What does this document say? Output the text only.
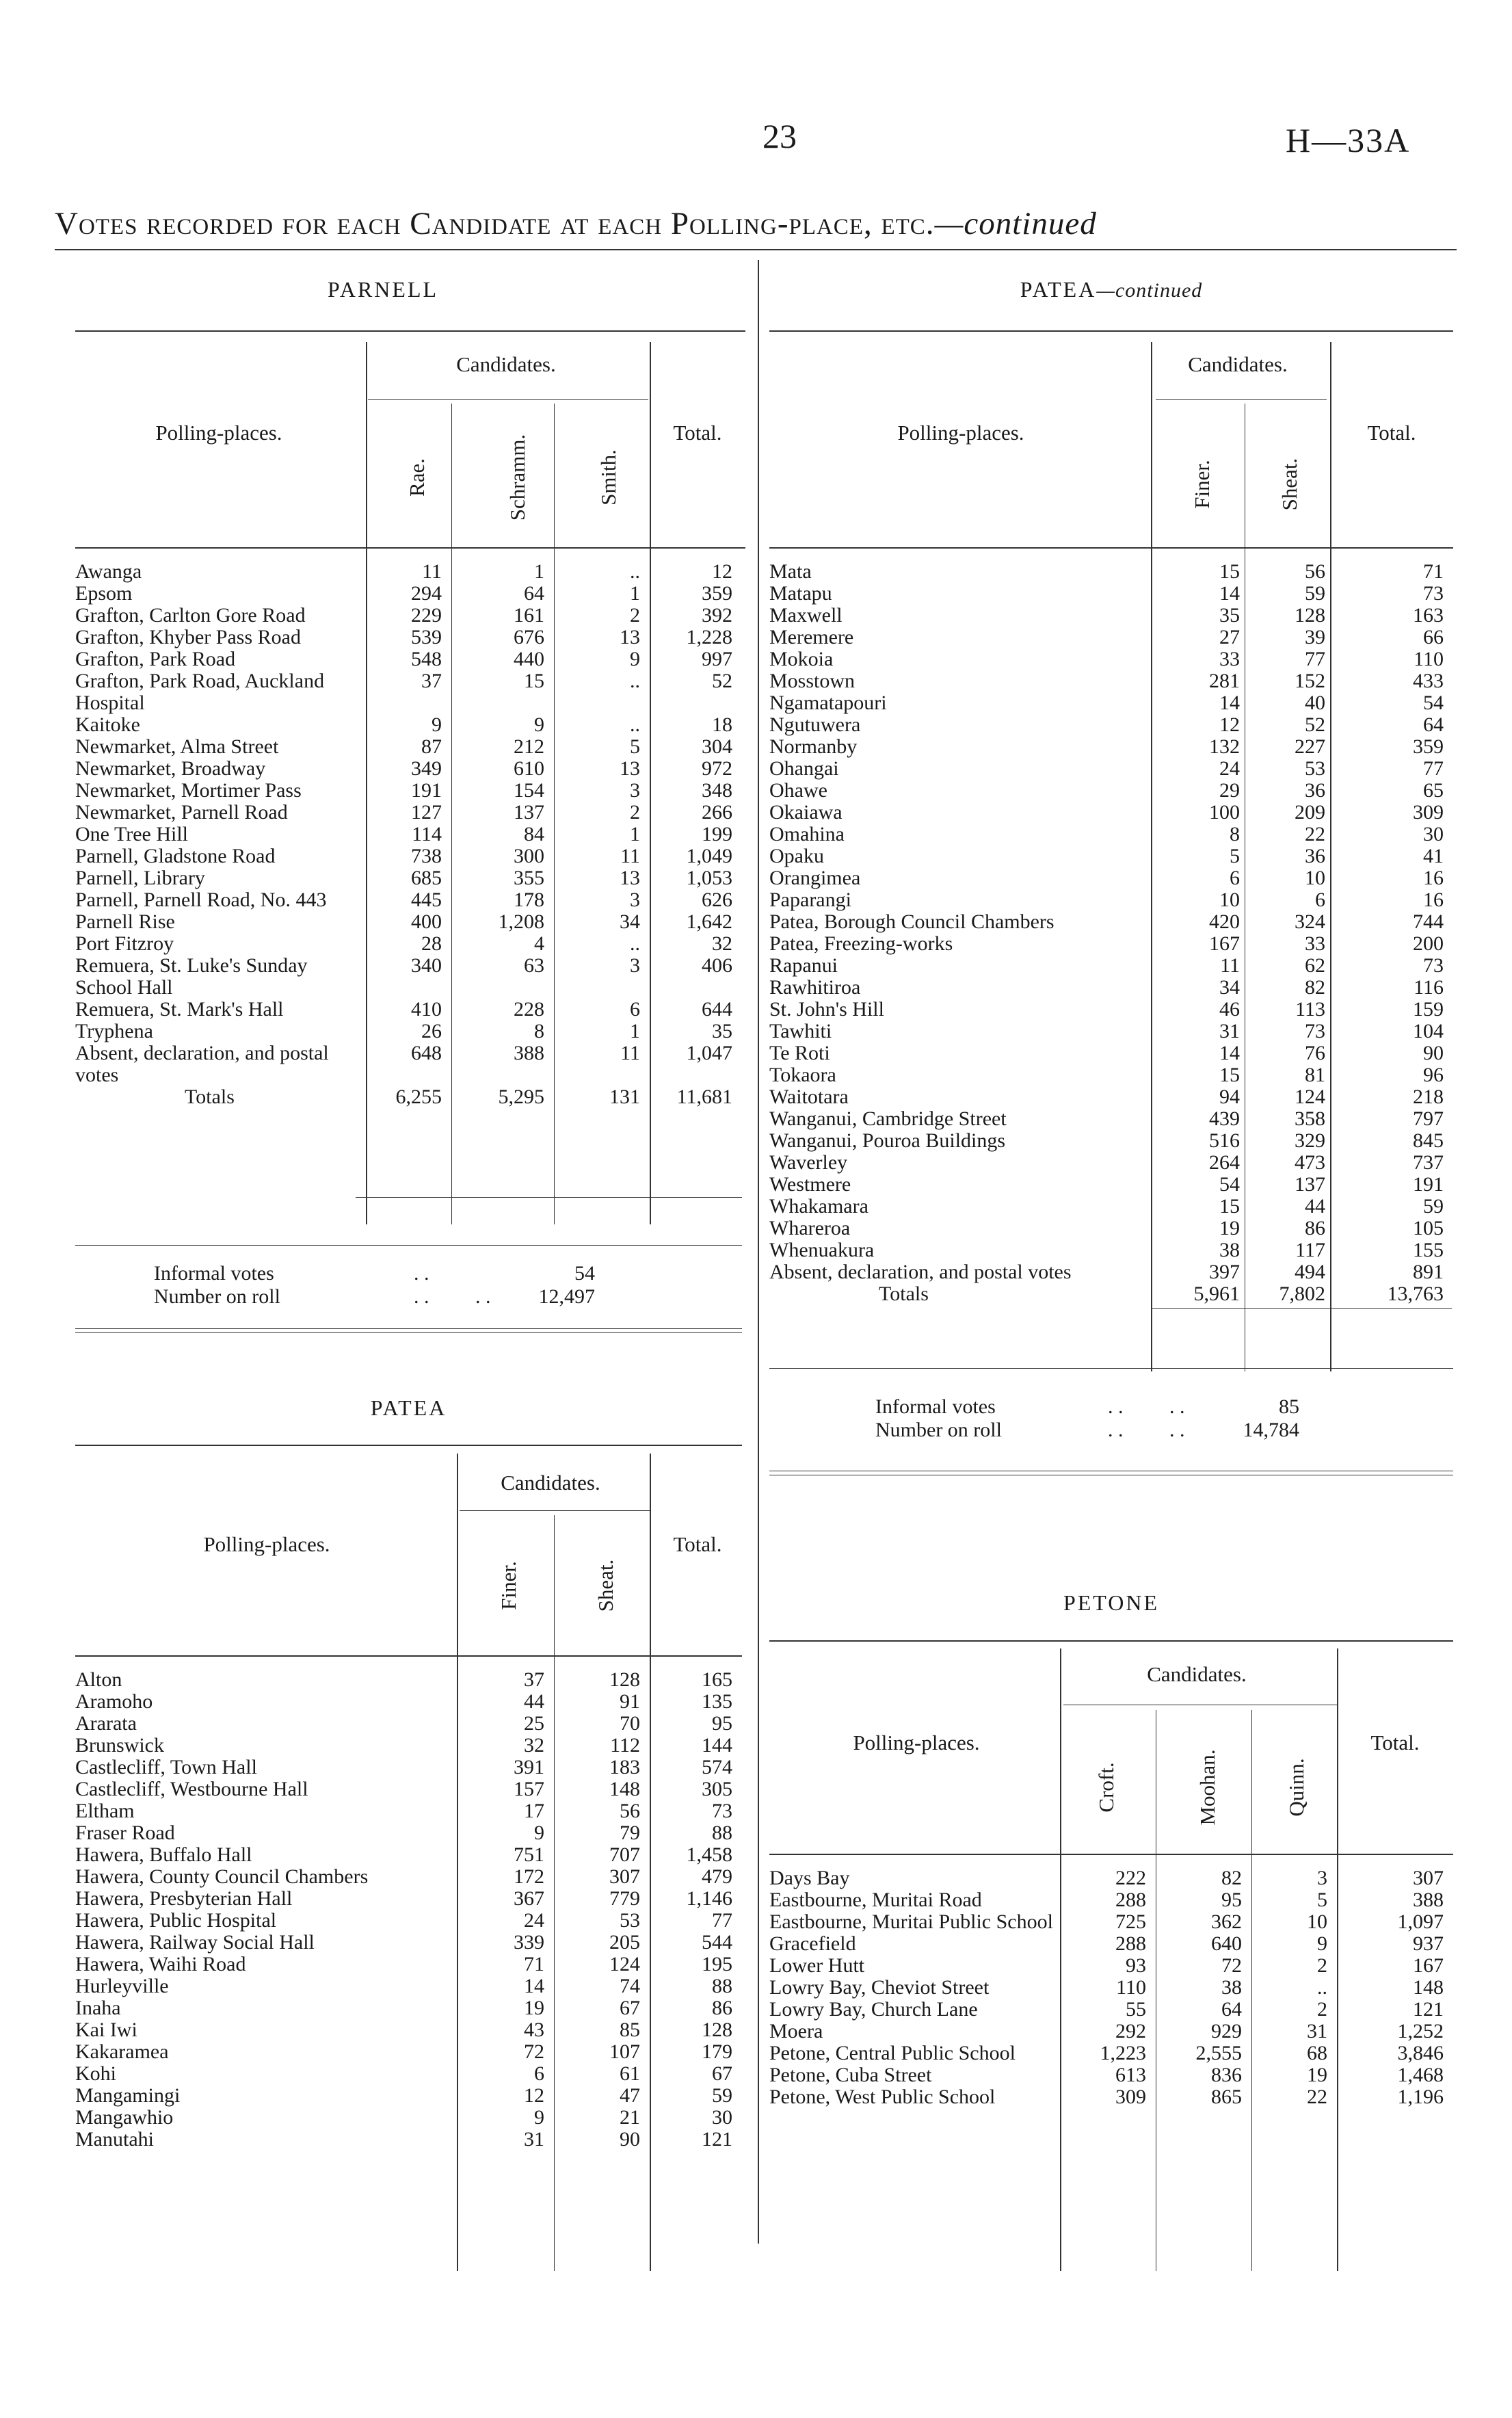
23	H—33A
Votes recorded for each Candidate at each Polling-place, etc.—continued
PARNELL
Candidates.
Polling-places.	Total.
Rae.	Schramm.	Smith.
Awanga	11	1	..	12
Epsom	294	64	1	359
Grafton, Carlton Gore Road	229	161	2	392
Grafton, Khyber Pass Road	539	676	13	1,228
Grafton, Park Road	548	440	9	997
Grafton, Park Road, Auckland Hospital	37	15	..	52
Kaitoke	9	9	..	18
Newmarket, Alma Street	87	212	5	304
Newmarket, Broadway	349	610	13	972
Newmarket, Mortimer Pass	191	154	3	348
Newmarket, Parnell Road	127	137	2	266
One Tree Hill	114	84	1	199
Parnell, Gladstone Road	738	300	11	1,049
Parnell, Library	685	355	13	1,053
Parnell, Parnell Road, No. 443	445	178	3	626
Parnell Rise	400	1,208	34	1,642
Port Fitzroy	28	4	..	32
Remuera, St. Luke's Sunday School Hall	340	63	3	406
Remuera, St. Mark's Hall	410	228	6	644
Tryphena	26	8	1	35
Absent, declaration, and postal votes	648	388	11	1,047
Totals	6,255	5,295	131	11,681
Informal votes	. .	54
Number on roll	. . . .	12,497
PATEA
Candidates.
Polling-places.	Total.
Finer.	Sheat.
Alton	37	128	165
Aramoho	44	91	135
Ararata	25	70	95
Brunswick	32	112	144
Castlecliff, Town Hall	391	183	574
Castlecliff, Westbourne Hall	157	148	305
Eltham	17	56	73
Fraser Road	9	79	88
Hawera, Buffalo Hall	751	707	1,458
Hawera, County Council Chambers	172	307	479
Hawera, Presbyterian Hall	367	779	1,146
Hawera, Public Hospital	24	53	77
Hawera, Railway Social Hall	339	205	544
Hawera, Waihi Road	71	124	195
Hurleyville	14	74	88
Inaha	19	67	86
Kai Iwi	43	85	128
Kakaramea	72	107	179
Kohi	6	61	67
Mangamingi	12	47	59
Mangawhio	9	21	30
Manutahi	31	90	121
PATEA—continued
Candidates.
Polling-places.	Total.
Finer.	Sheat.
Mata	15	56	71
Matapu	14	59	73
Maxwell	35	128	163
Meremere	27	39	66
Mokoia	33	77	110
Mosstown	281	152	433
Ngamatapouri	14	40	54
Ngutuwera	12	52	64
Normanby	132	227	359
Ohangai	24	53	77
Ohawe	29	36	65
Okaiawa	100	209	309
Omahina	8	22	30
Opaku	5	36	41
Orangimea	6	10	16
Paparangi	10	6	16
Patea, Borough Council Chambers	420	324	744
Patea, Freezing-works	167	33	200
Rapanui	11	62	73
Rawhitiroa	34	82	116
St. John's Hill	46	113	159
Tawhiti	31	73	104
Te Roti	14	76	90
Tokaora	15	81	96
Waitotara	94	124	218
Wanganui, Cambridge Street	439	358	797
Wanganui, Pouroa Buildings	516	329	845
Waverley	264	473	737
Westmere	54	137	191
Whakamara	15	44	59
Whareroa	19	86	105
Whenuakura	38	117	155
Absent, declaration, and postal votes	397	494	891
Totals	5,961	7,802	13,763
Informal votes	. . . .	85
Number on roll	. . . .	14,784
PETONE
Candidates.
Polling-places.	Total.
Croft.	Moohan.	Quinn.
Days Bay	222	82	3	307
Eastbourne, Muritai Road	288	95	5	388
Eastbourne, Muritai Public School	725	362	10	1,097
Gracefield	288	640	9	937
Lower Hutt	93	72	2	167
Lowry Bay, Cheviot Street	110	38	..	148
Lowry Bay, Church Lane	55	64	2	121
Moera	292	929	31	1,252
Petone, Central Public School	1,223	2,555	68	3,846
Petone, Cuba Street	613	836	19	1,468
Petone, West Public School	309	865	22	1,196
